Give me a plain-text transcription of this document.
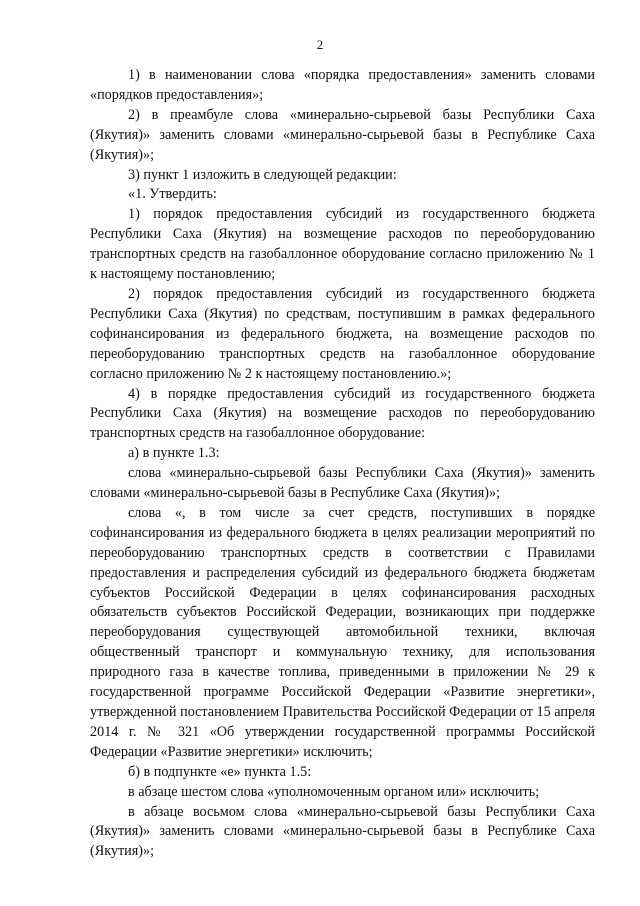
2

1) в наименовании слова «порядка предоставления» заменить словами «порядков предоставления»;

2) в преамбуле слова «минерально-сырьевой базы Республики Саха (Якутия)» заменить словами «минерально-сырьевой базы в Республике Саха (Якутия)»;

3) пункт 1 изложить в следующей редакции:

«1. Утвердить:

1) порядок предоставления субсидий из государственного бюджета Республики Саха (Якутия) на возмещение расходов по переоборудованию транспортных средств на газобаллонное оборудование согласно приложению № 1 к настоящему постановлению;

2) порядок предоставления субсидий из государственного бюджета Республики Саха (Якутия) по средствам, поступившим в рамках федерального софинансирования из федерального бюджета, на возмещение расходов по переоборудованию транспортных средств на газобаллонное оборудование согласно приложению № 2 к настоящему постановлению.»;

4) в порядке предоставления субсидий из государственного бюджета Республики Саха (Якутия) на возмещение расходов по переоборудованию транспортных средств на газобаллонное оборудование:

а) в пункте 1.3:

слова «минерально-сырьевой базы Республики Саха (Якутия)» заменить словами «минерально-сырьевой базы в Республике Саха (Якутия)»;

слова «, в том числе за счет средств, поступивших в порядке софинансирования из федерального бюджета в целях реализации мероприятий по переоборудованию транспортных средств в соответствии с Правилами предоставления и распределения субсидий из федерального бюджета бюджетам субъектов Российской Федерации в целях софинансирования расходных обязательств субъектов Российской Федерации, возникающих при поддержке переоборудования существующей автомобильной техники, включая общественный транспорт и коммунальную технику, для использования природного газа в качестве топлива, приведенными в приложении № 29 к государственной программе Российской Федерации «Развитие энергетики», утвержденной постановлением Правительства Российской Федерации от 15 апреля 2014 г. № 321 «Об утверждении государственной программы Российской Федерации «Развитие энергетики» исключить;

б) в подпункте «е» пункта 1.5:

в абзаце шестом слова «уполномоченным органом или» исключить;

в абзаце восьмом слова «минерально-сырьевой базы Республики Саха (Якутия)» заменить словами «минерально-сырьевой базы в Республике Саха (Якутия)»;
